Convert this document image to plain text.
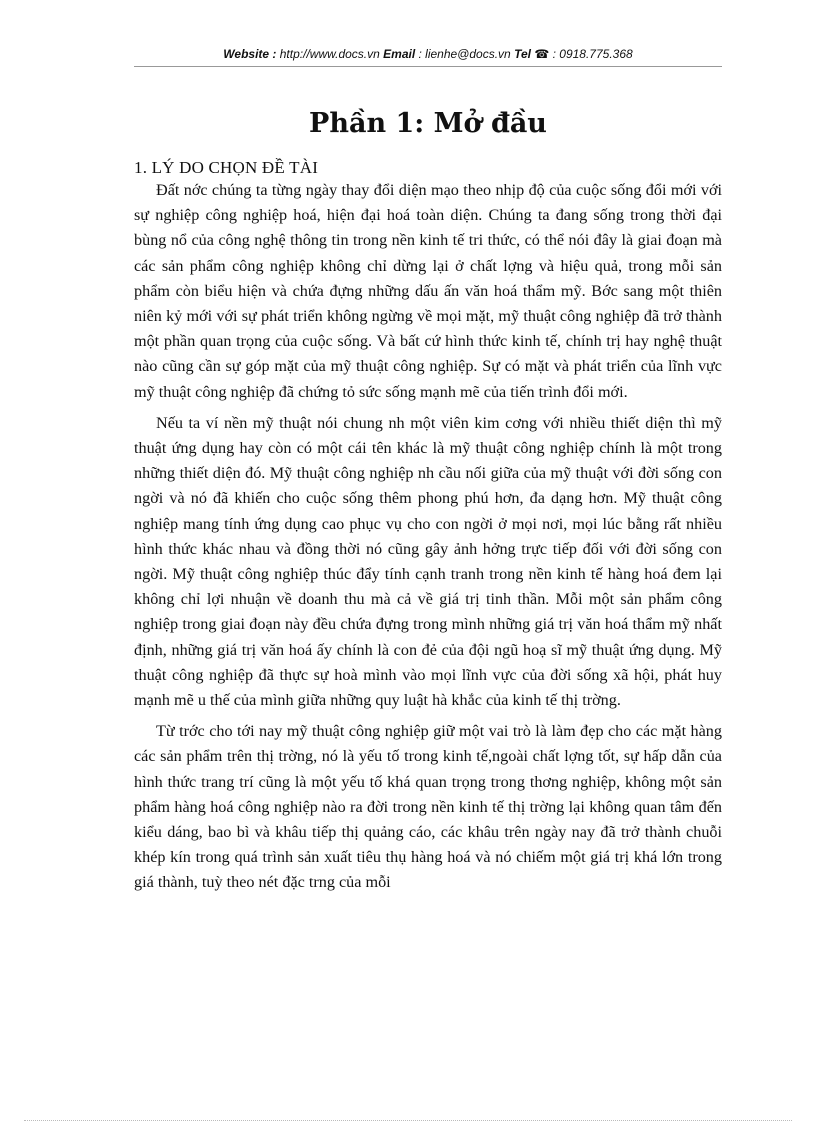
Website : http://www.docs.vn Email : lienhe@docs.vn Tel ☎ : 0918.775.368
Phần 1: Mở đầu
1. LÝ DO CHỌN ĐỀ TÀI

Đất nớc chúng ta từng ngày thay đổi diện mạo theo nhịp độ của cuộc sống đổi mới với sự nghiệp công nghiệp hoá, hiện đại hoá toàn diện. Chúng ta đang sống trong thời đại bùng nổ của công nghệ thông tin trong nền kinh tế tri thức, có thể nói đây là giai đoạn mà các sản phẩm công nghiệp không chỉ dừng lại ở chất lợng và hiệu quả, trong mỗi sản phẩm còn biểu hiện và chứa đựng những dấu ấn văn hoá thẩm mỹ. Bớc sang một thiên niên kỷ mới với sự phát triển không ngừng về mọi mặt, mỹ thuật công nghiệp đã trở thành một phần quan trọng của cuộc sống. Và bất cứ hình thức kinh tế, chính trị hay nghệ thuật nào cũng cần sự góp mặt của mỹ thuật công nghiệp. Sự có mặt và phát triển của lĩnh vực mỹ thuật công nghiệp đã chứng tỏ sức sống mạnh mẽ của tiến trình đổi mới.

Nếu ta ví nền mỹ thuật nói chung nh một viên kim cơng với nhiều thiết diện thì mỹ thuật ứng dụng hay còn có một cái tên khác là mỹ thuật công nghiệp chính là một trong những thiết diện đó. Mỹ thuật công nghiệp nh cầu nối giữa của mỹ thuật với đời sống con ngời và nó đã khiến cho cuộc sống thêm phong phú hơn, đa dạng hơn. Mỹ thuật công nghiệp mang tính ứng dụng cao phục vụ cho con ngời ở mọi nơi, mọi lúc bằng rất nhiều hình thức khác nhau và đồng thời nó cũng gây ảnh hởng trực tiếp đối với đời sống con ngời. Mỹ thuật công nghiệp thúc đẩy tính cạnh tranh trong nền kinh tế hàng hoá đem lại không chỉ lợi nhuận về doanh thu mà cả về giá trị tinh thần. Mỗi một sản phẩm công nghiệp trong giai đoạn này đều chứa đựng trong mình những giá trị văn hoá thẩm mỹ nhất định, những giá trị văn hoá ấy chính là con đẻ của đội ngũ hoạ sĩ mỹ thuật ứng dụng. Mỹ thuật công nghiệp đã thực sự hoà mình vào mọi lĩnh vực của đời sống xã hội, phát huy mạnh mẽ u thế của mình giữa những quy luật hà khắc của kinh tế thị trờng.

Từ trớc cho tới nay mỹ thuật công nghiệp giữ một vai trò là làm đẹp cho các mặt hàng các sản phẩm trên thị trờng, nó là yếu tố trong kinh tế,ngoài chất lợng tốt, sự hấp dẫn của hình thức trang trí cũng là một yếu tố khá quan trọng trong thơng nghiệp, không một sản phẩm hàng hoá công nghiệp nào ra đời trong nền kinh tế thị trờng lại không quan tâm đến kiểu dáng, bao bì và khâu tiếp thị quảng cáo, các khâu trên ngày nay đã trở thành chuỗi khép kín trong quá trình sản xuất tiêu thụ hàng hoá và nó chiếm một giá trị khá lớn trong giá thành, tuỳ theo nét đặc trng của mỗi
